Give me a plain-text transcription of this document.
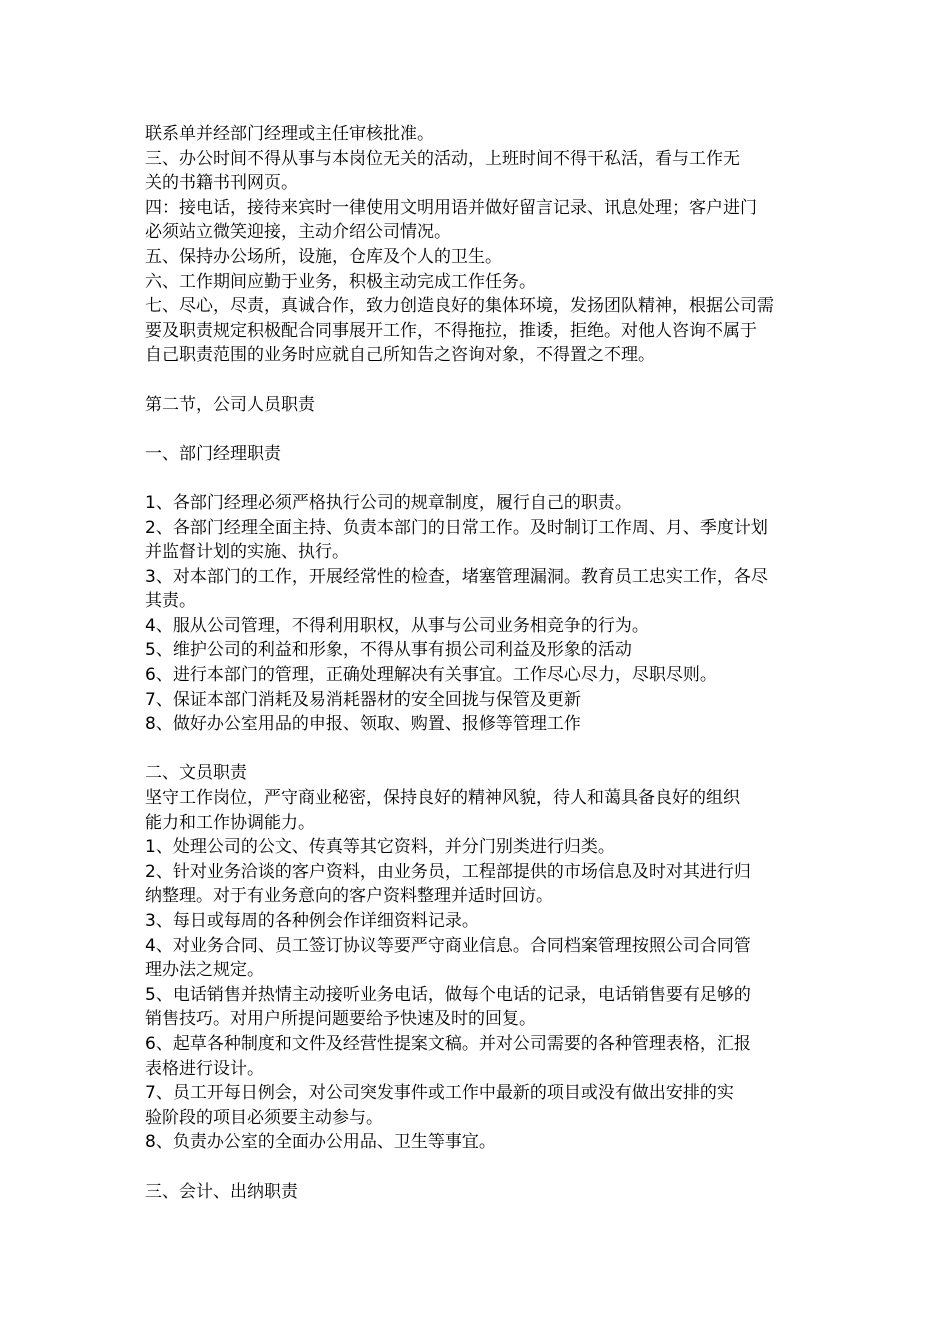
联系单并经部门经理或主任审核批准。
三、办公时间不得从事与本岗位无关的活动，上班时间不得干私活，看与工作无
关的书籍书刊网页。
四：接电话，接待来宾时一律使用文明用语并做好留言记录、讯息处理；客户进门
必须站立微笑迎接，主动介绍公司情况。
五、保持办公场所，设施，仓库及个人的卫生。
六、工作期间应勤于业务，积极主动完成工作任务。
七、尽心，尽责，真诚合作，致力创造良好的集体环境，发扬团队精神，根据公司需
要及职责规定积极配合同事展开工作，不得拖拉，推诿，拒绝。对他人咨询不属于
自己职责范围的业务时应就自己所知告之咨询对象，不得置之不理。
第二节，公司人员职责
一、部门经理职责
1、各部门经理必须严格执行公司的规章制度，履行自己的职责。
2、各部门经理全面主持、负责本部门的日常工作。及时制订工作周、月、季度计划
并监督计划的实施、执行。
3、对本部门的工作，开展经常性的检查，堵塞管理漏洞。教育员工忠实工作，各尽
其责。
4、服从公司管理，不得利用职权，从事与公司业务相竞争的行为。
5、维护公司的利益和形象，不得从事有损公司利益及形象的活动
6、进行本部门的管理，正确处理解决有关事宜。工作尽心尽力，尽职尽则。
7、保证本部门消耗及易消耗器材的安全回拢与保管及更新
8、做好办公室用品的申报、领取、购置、报修等管理工作
二、文员职责
坚守工作岗位，严守商业秘密，保持良好的精神风貌，待人和蔼具备良好的组织
能力和工作协调能力。
1、处理公司的公文、传真等其它资料，并分门别类进行归类。
2、针对业务洽谈的客户资料，由业务员，工程部提供的市场信息及时对其进行归
纳整理。对于有业务意向的客户资料整理并适时回访。
3、每日或每周的各种例会作详细资料记录。
4、对业务合同、员工签订协议等要严守商业信息。合同档案管理按照公司合同管
理办法之规定。
5、电话销售并热情主动接听业务电话，做每个电话的记录，电话销售要有足够的
销售技巧。对用户所提问题要给予快速及时的回复。
6、起草各种制度和文件及经营性提案文稿。并对公司需要的各种管理表格，汇报
表格进行设计。
7、员工开每日例会，对公司突发事件或工作中最新的项目或没有做出安排的实
验阶段的项目必须要主动参与。
8、负责办公室的全面办公用品、卫生等事宜。
三、会计、出纳职责
